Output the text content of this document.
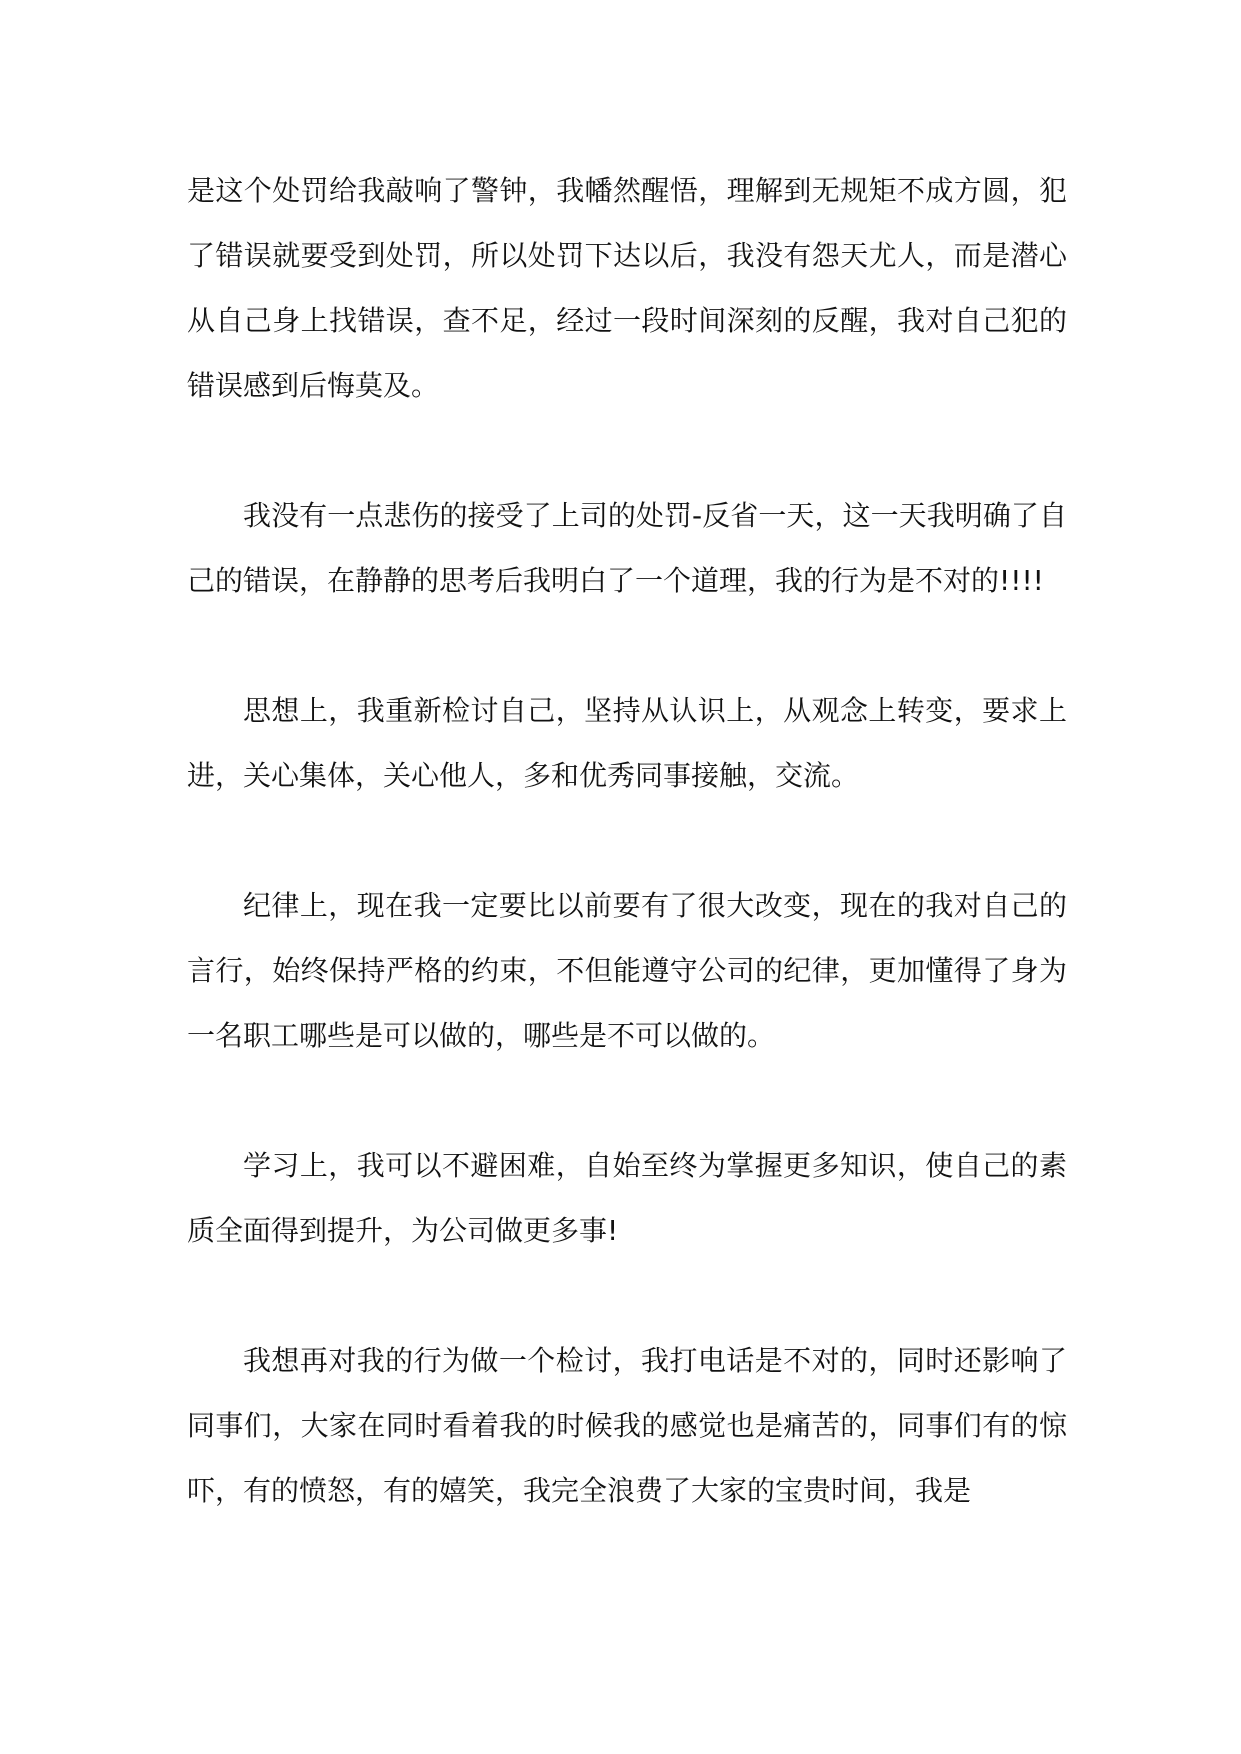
是这个处罚给我敲响了警钟，我幡然醒悟，理解到无规矩不成方圆，犯了错误就要受到处罚，所以处罚下达以后，我没有怨天尤人，而是潜心从自己身上找错误，查不足，经过一段时间深刻的反醒，我对自己犯的错误感到后悔莫及。

我没有一点悲伤的接受了上司的处罚-反省一天，这一天我明确了自己的错误，在静静的思考后我明白了一个道理，我的行为是不对的!!!!

思想上，我重新检讨自己，坚持从认识上，从观念上转变，要求上进，关心集体，关心他人，多和优秀同事接触，交流。

纪律上，现在我一定要比以前要有了很大改变，现在的我对自己的言行，始终保持严格的约束，不但能遵守公司的纪律，更加懂得了身为一名职工哪些是可以做的，哪些是不可以做的。

学习上，我可以不避困难，自始至终为掌握更多知识，使自己的素质全面得到提升，为公司做更多事!

我想再对我的行为做一个检讨，我打电话是不对的，同时还影响了同事们，大家在同时看着我的时候我的感觉也是痛苦的，同事们有的惊吓，有的愤怒，有的嬉笑，我完全浪费了大家的宝贵时间，我是
